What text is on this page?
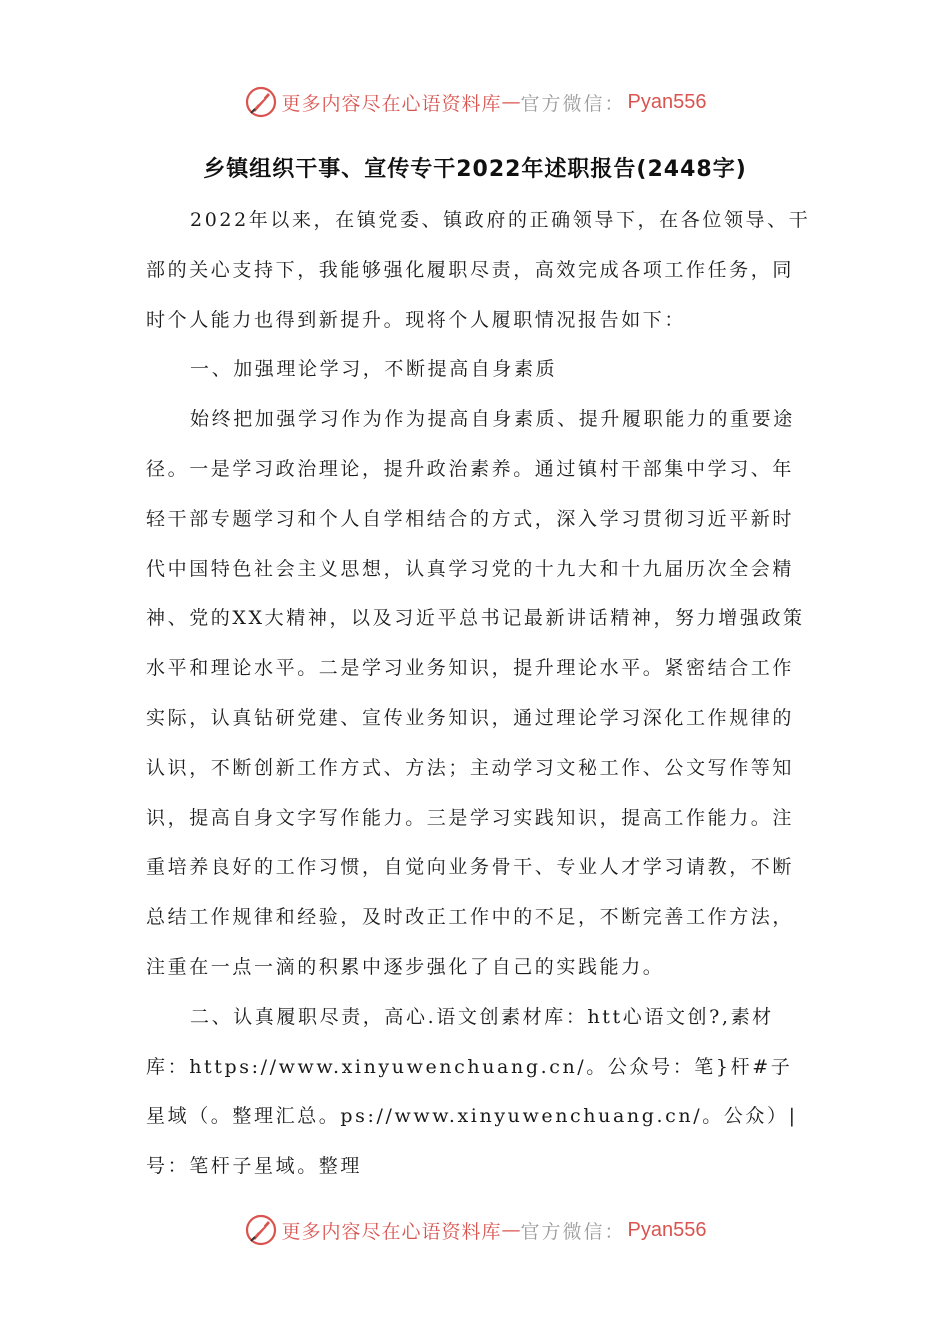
更多内容尽在心语资料库 — 官方微信： Pyan556
乡镇组织干事、宣传专干2022年述职报告(2448字)

2022年以来，在镇党委、镇政府的正确领导下，在各位领导、干部的关心支持下，我能够强化履职尽责，高效完成各项工作任务，同时个人能力也得到新提升。现将个人履职情况报告如下：

一、加强理论学习，不断提高自身素质

始终把加强学习作为作为提高自身素质、提升履职能力的重要途径。一是学习政治理论，提升政治素养。通过镇村干部集中学习、年轻干部专题学习和个人自学相结合的方式，深入学习贯彻习近平新时代中国特色社会主义思想，认真学习党的十九大和十九届历次全会精神、党的XX大精神，以及习近平总书记最新讲话精神，努力增强政策水平和理论水平。二是学习业务知识，提升理论水平。紧密结合工作实际，认真钻研党建、宣传业务知识，通过理论学习深化工作规律的认识，不断创新工作方式、方法；主动学习文秘工作、公文写作等知识，提高自身文字写作能力。三是学习实践知识，提高工作能力。注重培养良好的工作习惯，自觉向业务骨干、专业人才学习请教，不断总结工作规律和经验，及时改正工作中的不足，不断完善工作方法，注重在一点一滴的积累中逐步强化了自己的实践能力。

二、认真履职尽责，高心.语文创素材库：htt心语文创?,素材库：https://www.xinyuwenchuang.cn/。公众号：笔}杆#子星域（。整理汇总。ps://www.xinyuwenchuang.cn/。公众）|号：笔杆子星域。整理

更多内容尽在心语资料库 — 官方微信： Pyan556
